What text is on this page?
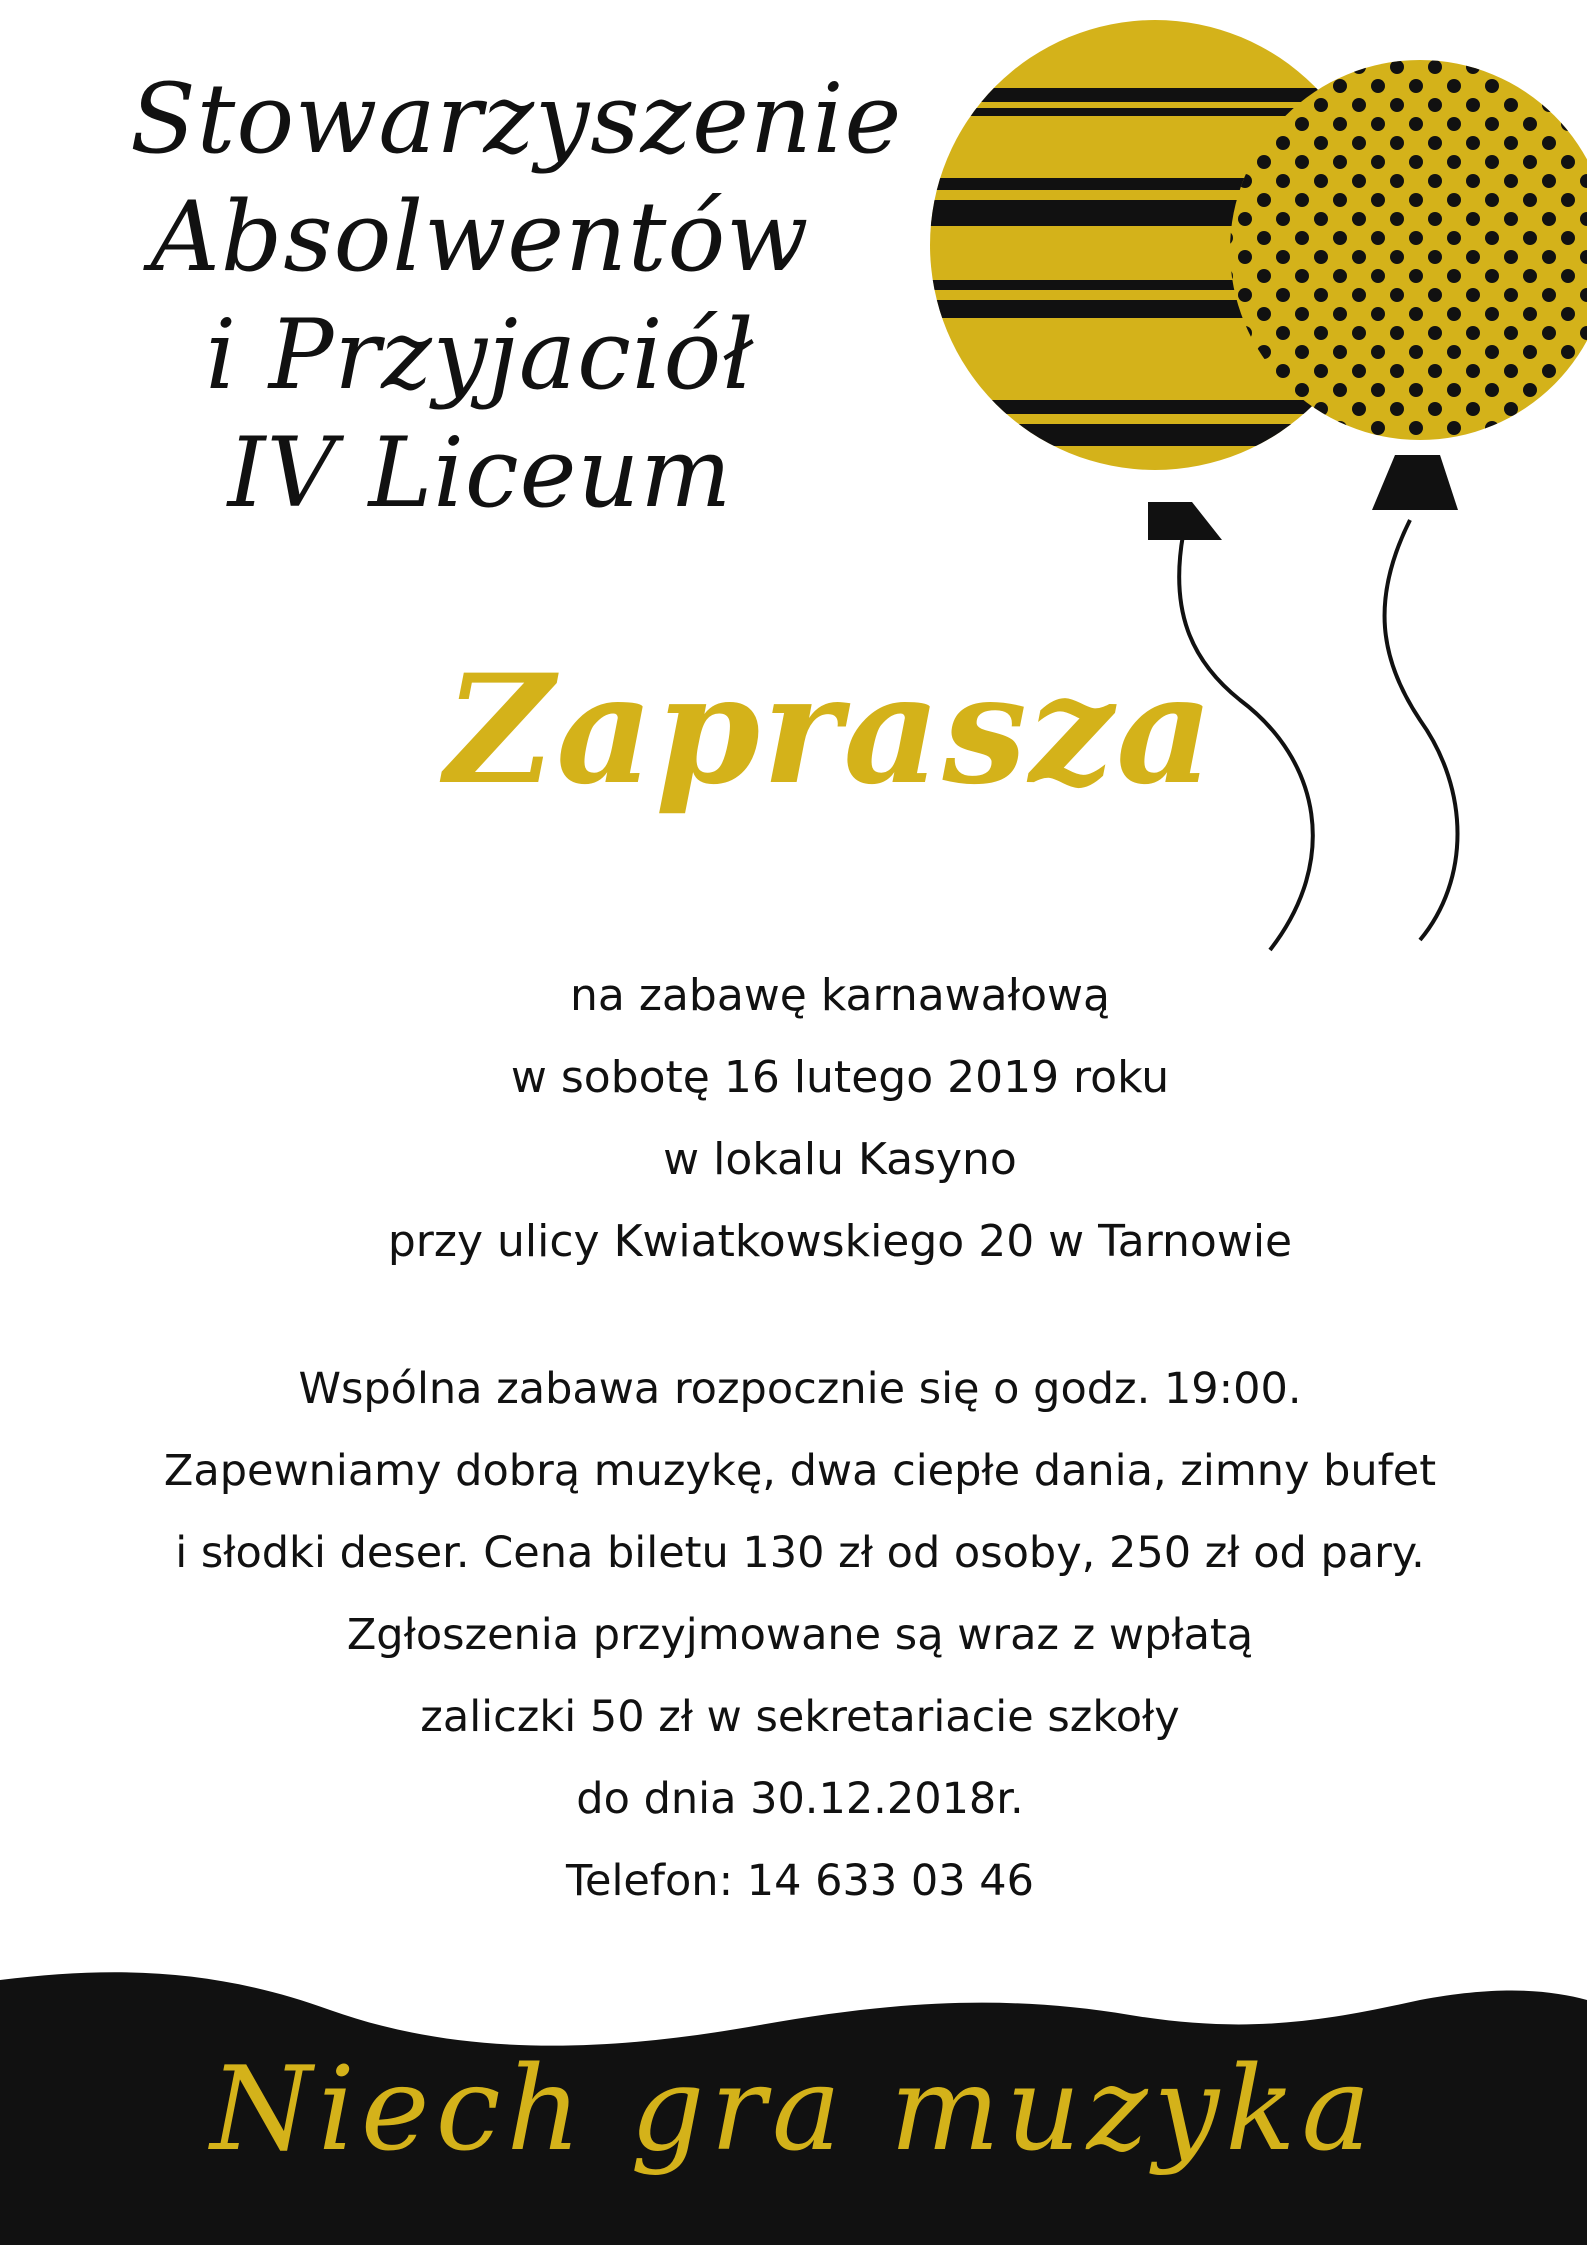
Stowarzyszenie
Absolwentów
i Przyjaciół
IV Liceum
Zaprasza
na zabawę karnawałową
w sobotę 16 lutego 2019 roku
w lokalu Kasyno
przy ulicy Kwiatkowskiego 20 w Tarnowie
Wspólna zabawa rozpocznie się o godz. 19:00.
Zapewniamy dobrą muzykę, dwa ciepłe dania, zimny bufet
i słodki deser. Cena biletu 130 zł od osoby, 250 zł od pary.
Zgłoszenia przyjmowane są wraz z wpłatą
zaliczki 50 zł w sekretariacie szkoły
do dnia 30.12.2018r.
Telefon: 14 633 03 46
Niech gra muzyka
